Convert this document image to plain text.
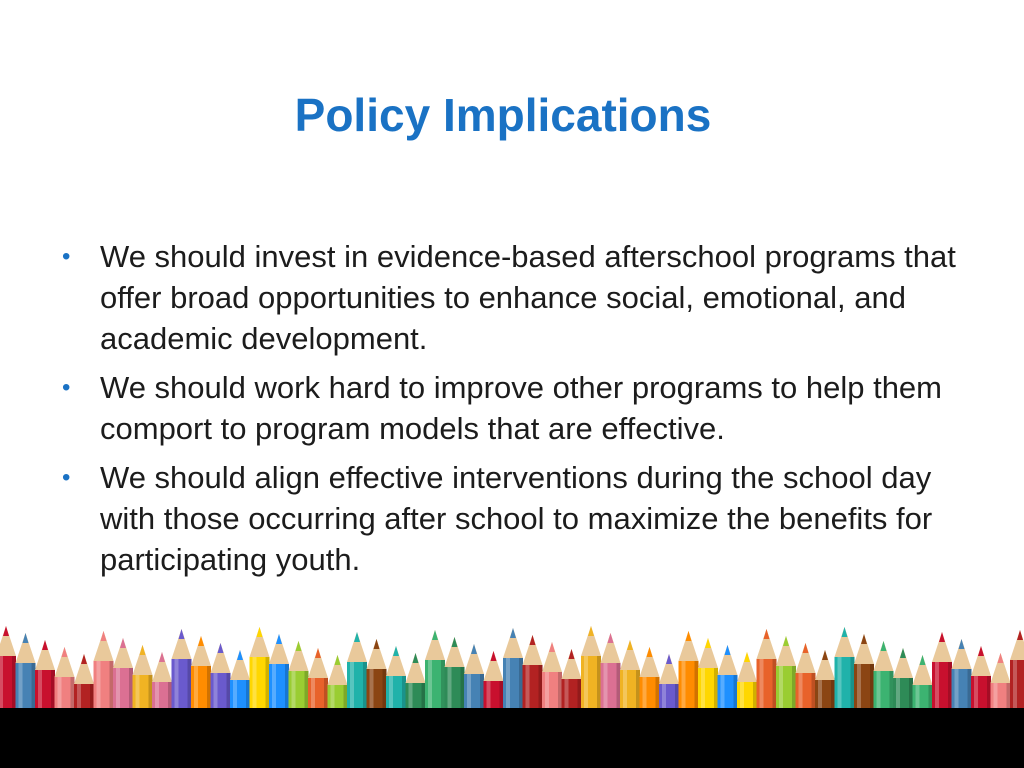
Policy Implications
• We should invest in evidence-based afterschool programs that offer broad opportunities to enhance social, emotional, and academic development.
• We should work hard to improve other programs to help them comport to program models that are effective.
• We should align effective interventions during the school day with those occurring after school to maximize the benefits for participating youth.
